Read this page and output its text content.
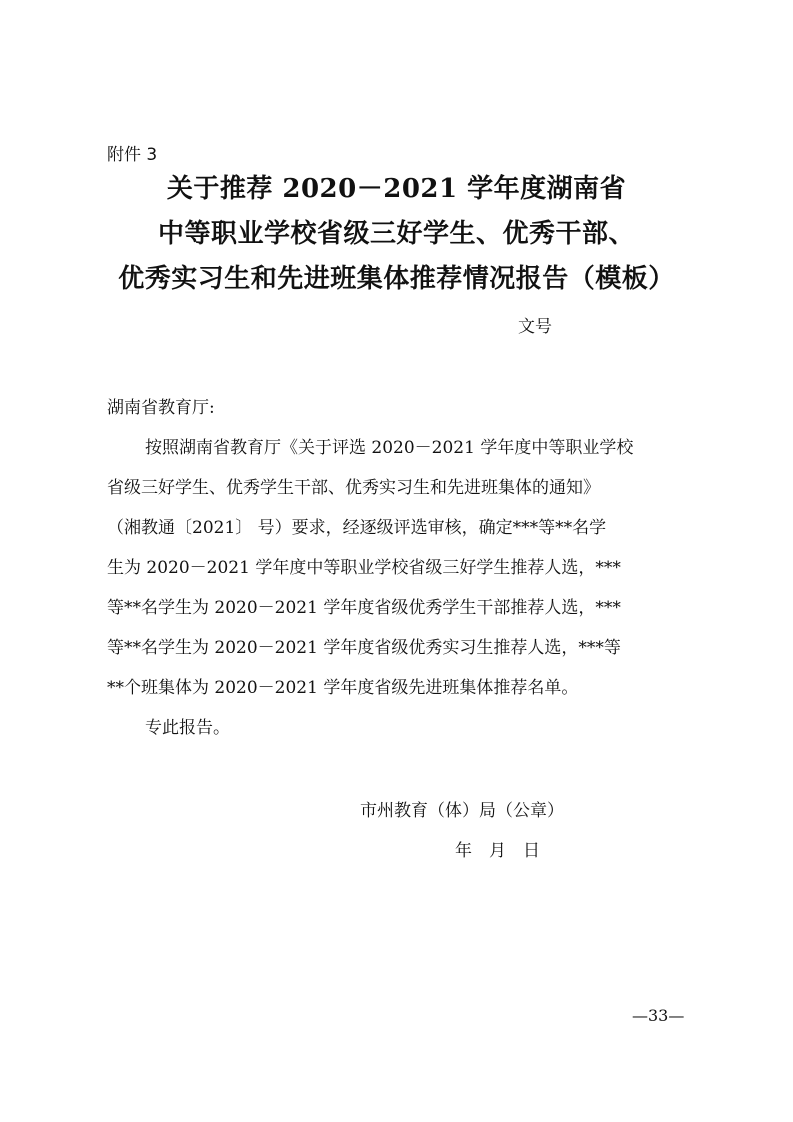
附件 3
关于推荐 2020－2021 学年度湖南省
中等职业学校省级三好学生、优秀干部、
优秀实习生和先进班集体推荐情况报告（模板）
文号
湖南省教育厅:
按照湖南省教育厅《关于评选 2020－2021 学年度中等职业学校
省级三好学生、优秀学生干部、优秀实习生和先进班集体的通知》
（湘教通〔2021〕 号）要求，经逐级评选审核，确定***等**名学
生为 2020－2021 学年度中等职业学校省级三好学生推荐人选，***
等**名学生为 2020－2021 学年度省级优秀学生干部推荐人选，***
等**名学生为 2020－2021 学年度省级优秀实习生推荐人选，***等
**个班集体为 2020－2021 学年度省级先进班集体推荐名单。
专此报告。
市州教育（体）局（公章）
年　月　日
—33—
